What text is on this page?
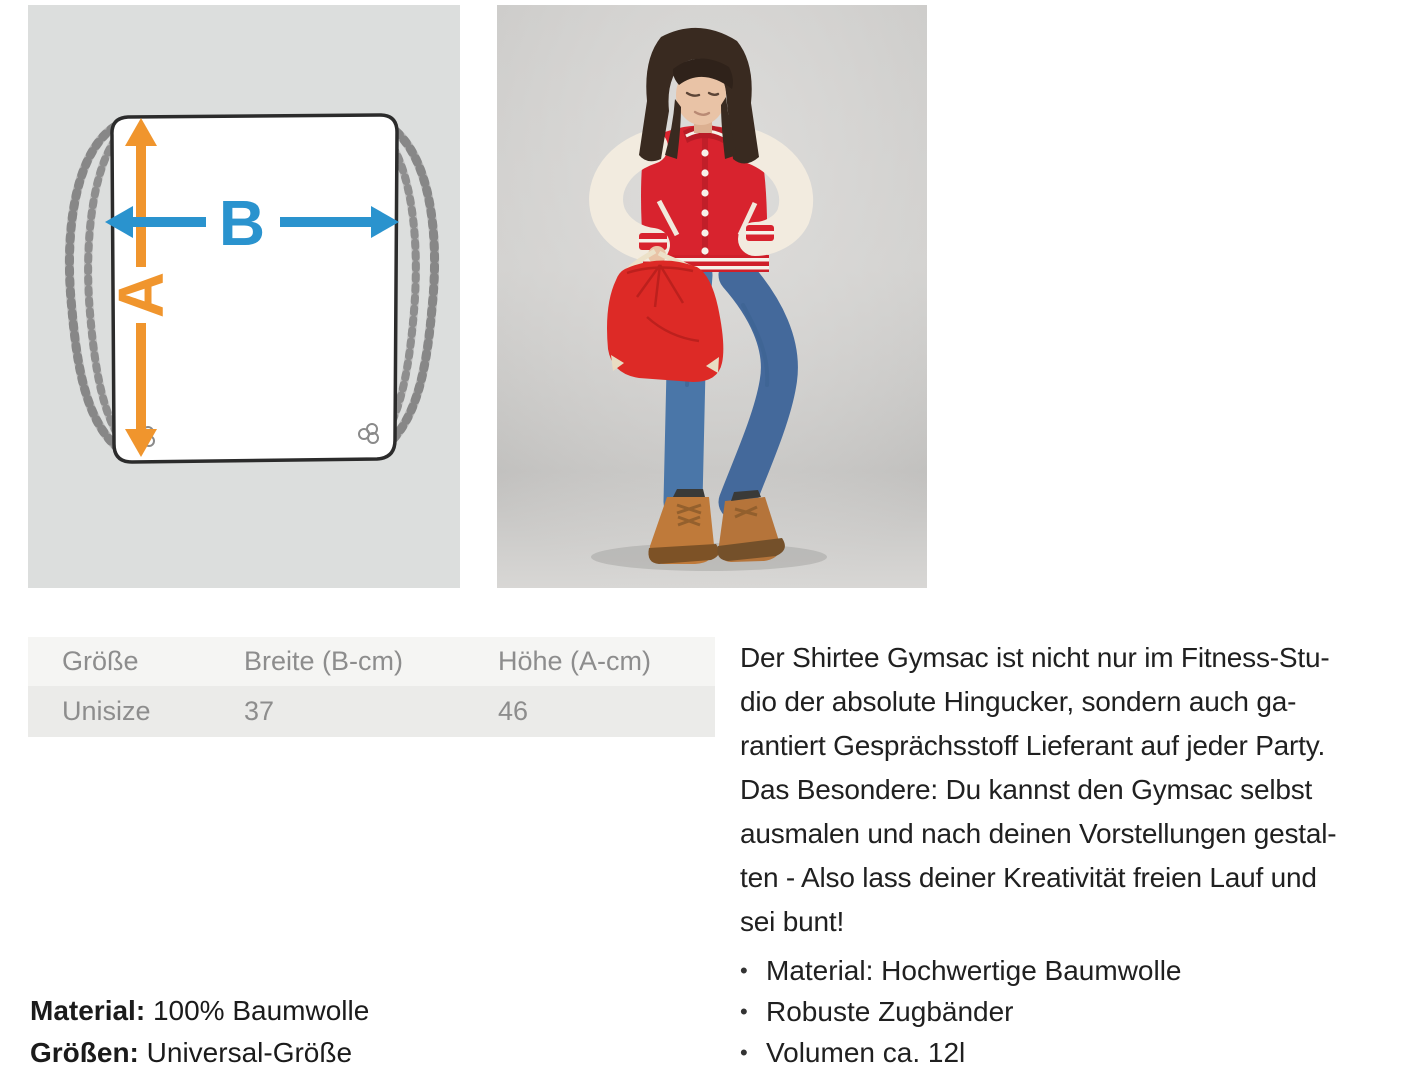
A
B
Größe	Breite (B-cm)	Höhe (A-cm)
Unisize	37	46
Material: 100% Baumwolle
Größen: Universal-Größe
Der Shirtee Gymsac ist nicht nur im Fitness-Stu-
dio der absolute Hingucker, sondern auch ga-
rantiert Gesprächsstoff Lieferant auf jeder Party.
Das Besondere: Du kannst den Gymsac selbst
ausmalen und nach deinen Vorstellungen gestal-
ten - Also lass deiner Kreativität freien Lauf und
sei bunt!
• Material: Hochwertige Baumwolle
• Robuste Zugbänder
• Volumen ca. 12l
